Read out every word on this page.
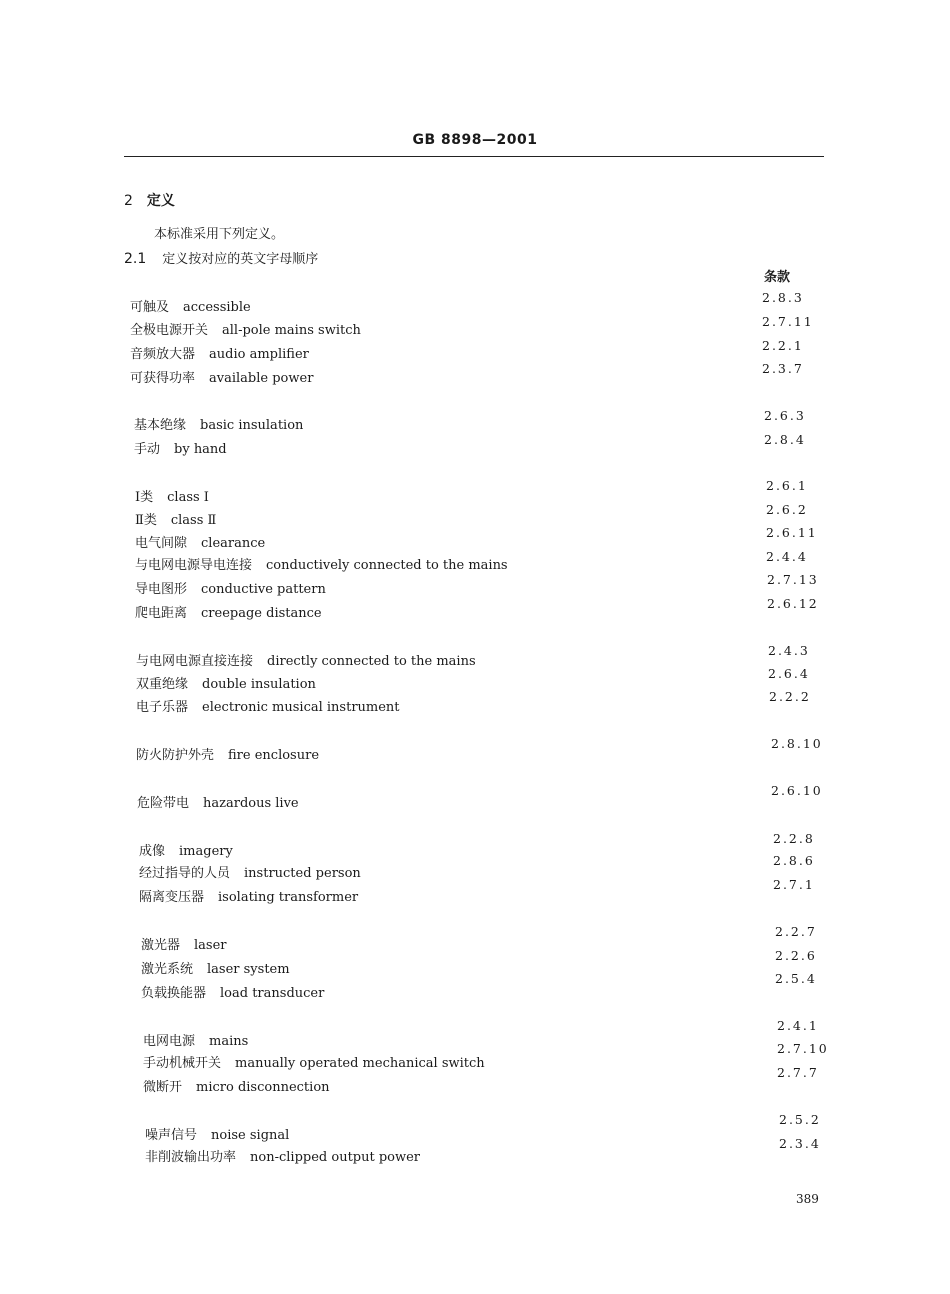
GB 8898—2001
2 定义
本标准采用下列定义。
2.1 定义按对应的英文字母顺序
条款
可触及 accessible
2.8.3
全极电源开关 all-pole mains switch
2.7.11
音频放大器 audio amplifier
2.2.1
可获得功率 available power
2.3.7
基本绝缘 basic insulation
2.6.3
手动 by hand
2.8.4
Ⅰ类 class Ⅰ
2.6.1
Ⅱ类 class Ⅱ
2.6.2
电气间隙 clearance
2.6.11
与电网电源导电连接 conductively connected to the mains
2.4.4
导电图形 conductive pattern
2.7.13
爬电距离 creepage distance
2.6.12
与电网电源直接连接 directly connected to the mains
2.4.3
双重绝缘 double insulation
2.6.4
电子乐器 electronic musical instrument
2.2.2
防火防护外壳 fire enclosure
2.8.10
危险带电 hazardous live
2.6.10
成像 imagery
2.2.8
经过指导的人员 instructed person
2.8.6
隔离变压器 isolating transformer
2.7.1
激光器 laser
2.2.7
激光系统 laser system
2.2.6
负载换能器 load transducer
2.5.4
电网电源 mains
2.4.1
手动机械开关 manually operated mechanical switch
2.7.10
微断开 micro disconnection
2.7.7
噪声信号 noise signal
2.5.2
非削波输出功率 non-clipped output power
2.3.4
389
